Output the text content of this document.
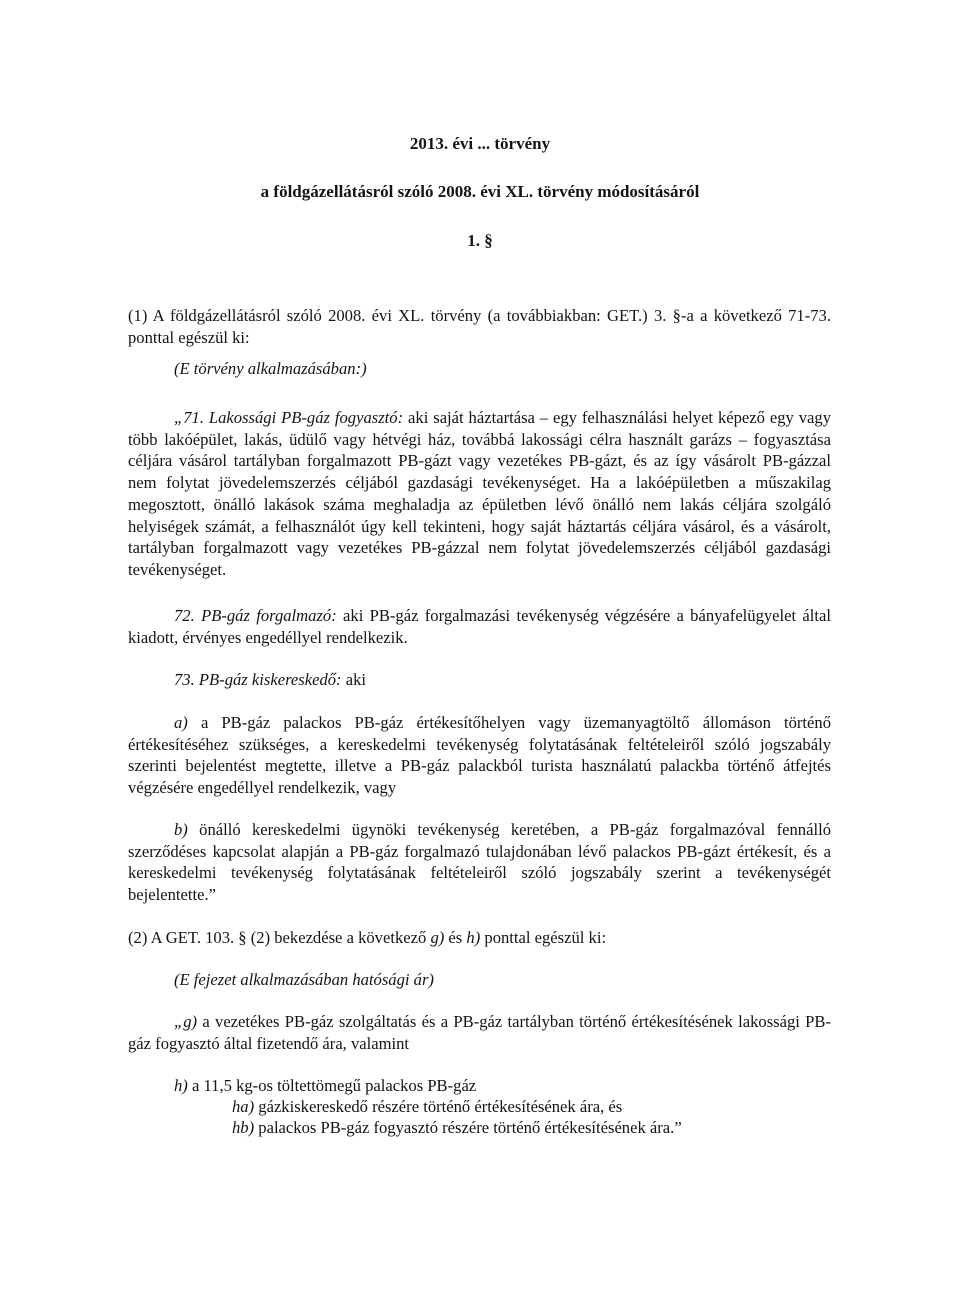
2013. évi ... törvény
a földgázellátásról szóló 2008. évi XL. törvény módosításáról
1. §
(1) A földgázellátásról szóló 2008. évi XL. törvény (a továbbiakban: GET.) 3. §-a a következő 71-73. ponttal egészül ki:
(E törvény alkalmazásában:)
„71. Lakossági PB-gáz fogyasztó: aki saját háztartása – egy felhasználási helyet képező egy vagy több lakóépület, lakás, üdülő vagy hétvégi ház, továbbá lakossági célra használt garázs – fogyasztása céljára vásárol tartályban forgalmazott PB-gázt vagy vezetékes PB-gázt, és az így vásárolt PB-gázzal nem folytat jövedelemszerzés céljából gazdasági tevékenységet. Ha a lakóépületben a műszakilag megosztott, önálló lakások száma meghaladja az épületben lévő önálló nem lakás céljára szolgáló helyiségek számát, a felhasználót úgy kell tekinteni, hogy saját háztartás céljára vásárol, és a vásárolt, tartályban forgalmazott vagy vezetékes PB-gázzal nem folytat jövedelemszerzés céljából gazdasági tevékenységet.
72. PB-gáz forgalmazó: aki PB-gáz forgalmazási tevékenység végzésére a bányafelügyelet által kiadott, érvényes engedéllyel rendelkezik.
73. PB-gáz kiskereskedő: aki
a) a PB-gáz palackos PB-gáz értékesítőhelyen vagy üzemanyagtöltő állomáson történő értékesítéséhez szükséges, a kereskedelmi tevékenység folytatásának feltételeiről szóló jogszabály szerinti bejelentést megtette, illetve a PB-gáz palackból turista használatú palackba történő átfejtés végzésére engedéllyel rendelkezik, vagy
b) önálló kereskedelmi ügynöki tevékenység keretében, a PB-gáz forgalmazóval fennálló szerződéses kapcsolat alapján a PB-gáz forgalmazó tulajdonában lévő palackos PB-gázt értékesít, és a kereskedelmi tevékenység folytatásának feltételeiről szóló jogszabály szerint a tevékenységét bejelentette.”
(2) A GET. 103. § (2) bekezdése a következő g) és h) ponttal egészül ki:
(E fejezet alkalmazásában hatósági ár)
„g) a vezetékes PB-gáz szolgáltatás és a PB-gáz tartályban történő értékesítésének lakossági PB-gáz fogyasztó által fizetendő ára, valamint
h) a 11,5 kg-os töltettömegű palackos PB-gáz
ha) gázkiskereskedő részére történő értékesítésének ára, és
hb) palackos PB-gáz fogyasztó részére történő értékesítésének ára.”
